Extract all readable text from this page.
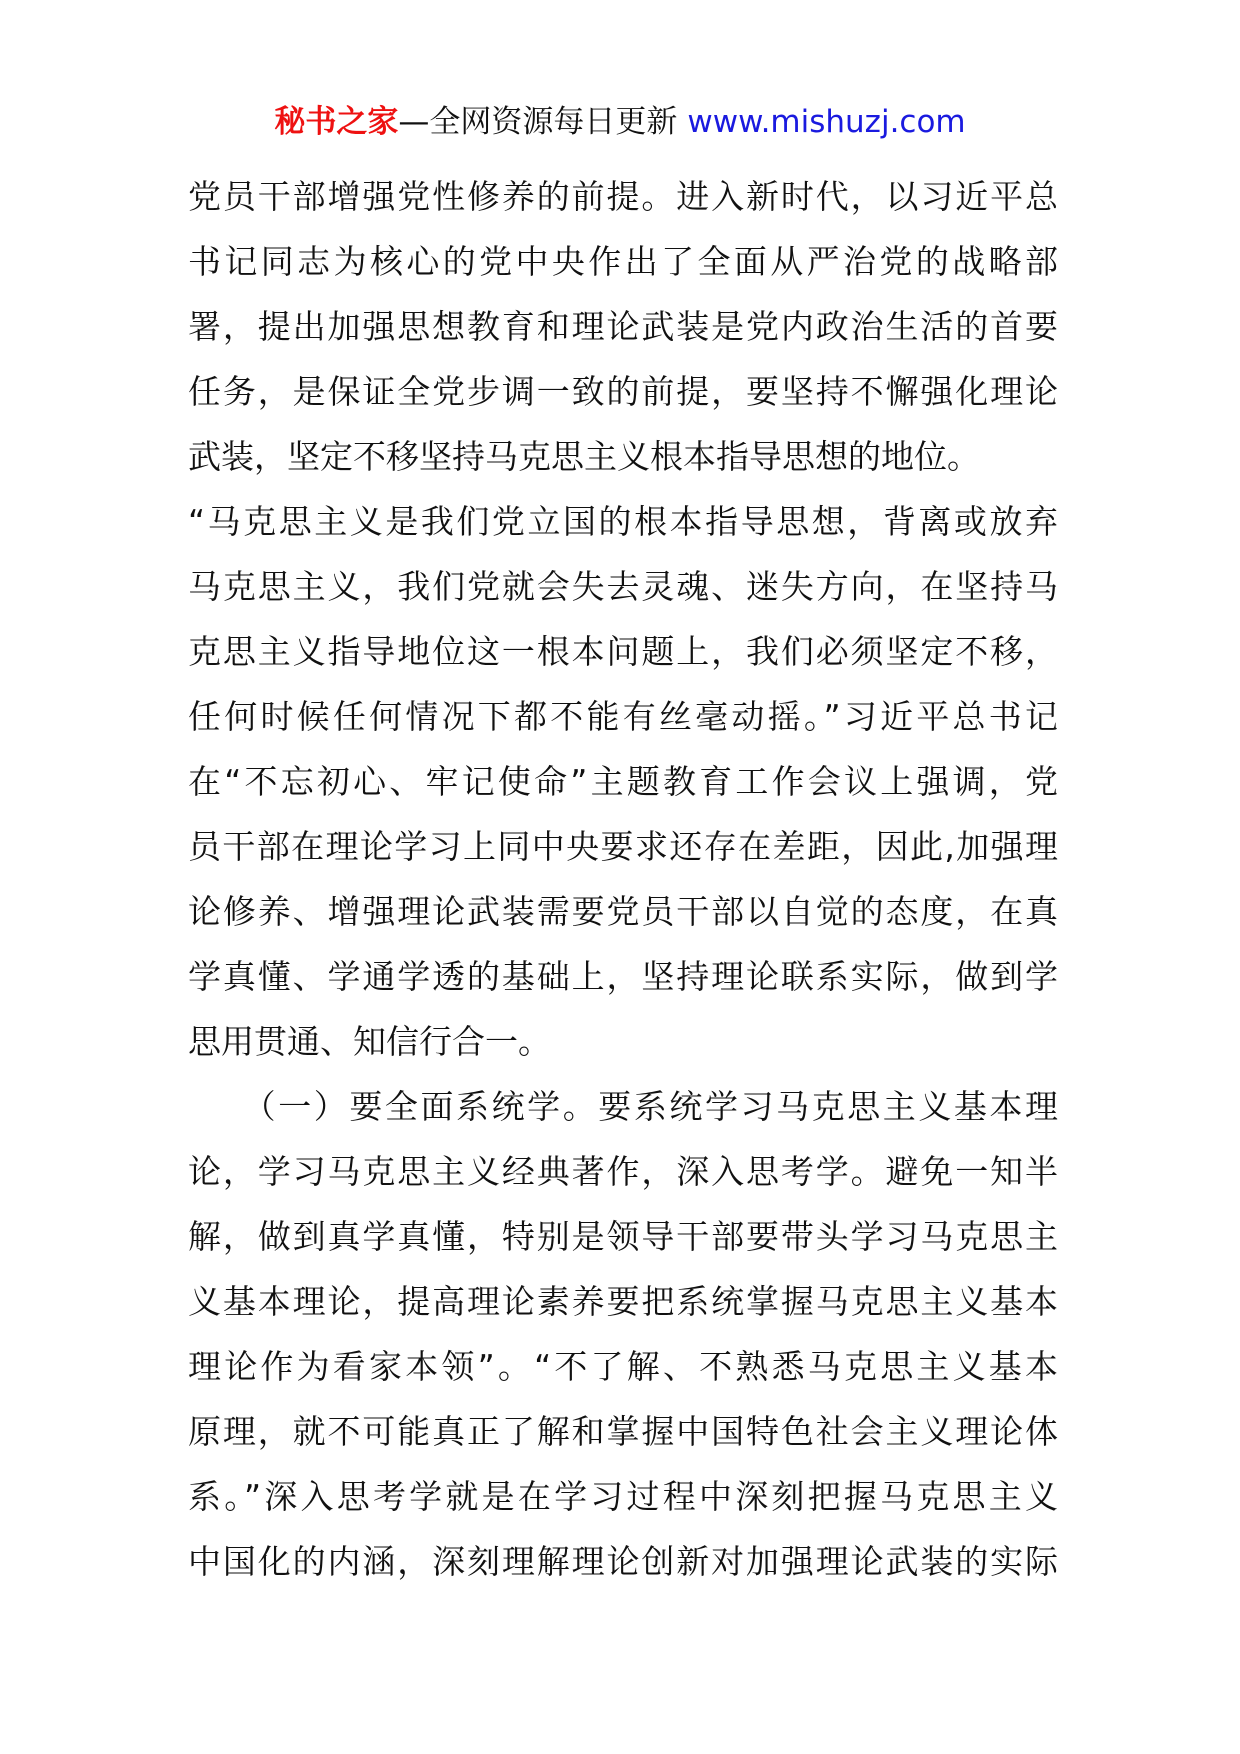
秘书之家—全网资源每日更新 www.mishuzj.com
党员干部增强党性修养的前提。进入新时代，以习近平总
书记同志为核心的党中央作出了全面从严治党的战略部
署，提出加强思想教育和理论武装是党内政治生活的首要
任务，是保证全党步调一致的前提，要坚持不懈强化理论
武装，坚定不移坚持马克思主义根本指导思想的地位。
“马克思主义是我们党立国的根本指导思想，背离或放弃
马克思主义，我们党就会失去灵魂、迷失方向，在坚持马
克思主义指导地位这一根本问题上，我们必须坚定不移，
任何时候任何情况下都不能有丝毫动摇。”习近平总书记
在“不忘初心、牢记使命”主题教育工作会议上强调，党
员干部在理论学习上同中央要求还存在差距，因此,加强理
论修养、增强理论武装需要党员干部以自觉的态度，在真
学真懂、学通学透的基础上，坚持理论联系实际，做到学
思用贯通、知信行合一。
　　（一）要全面系统学。要系统学习马克思主义基本理
论，学习马克思主义经典著作，深入思考学。避免一知半
解，做到真学真懂，特别是领导干部要带头学习马克思主
义基本理论，提高理论素养要把系统掌握马克思主义基本
理论作为看家本领”。“不了解、不熟悉马克思主义基本
原理，就不可能真正了解和掌握中国特色社会主义理论体
系。”深入思考学就是在学习过程中深刻把握马克思主义
中国化的内涵，深刻理解理论创新对加强理论武装的实际
